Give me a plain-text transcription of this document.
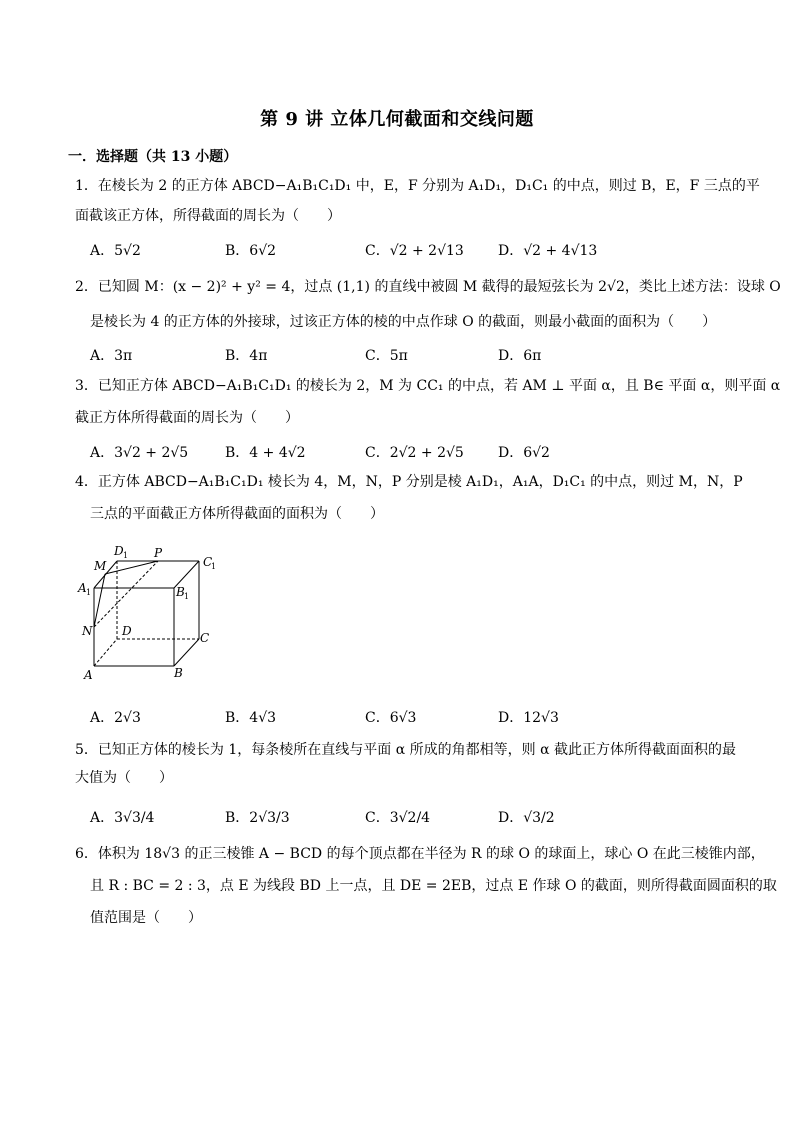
第 9 讲 立体几何截面和交线问题
一．选择题（共 13 小题）
1．在棱长为 2 的正方体 ABCD−A₁B₁C₁D₁ 中，E，F 分别为 A₁D₁，D₁C₁ 的中点，则过 B，E，F 三点的平
面截该正方体，所得截面的周长为（　　）
A．5√2	B．6√2	C．√2 + 2√13 D．√2 + 4√13
2．已知圆 M：(x − 2)² + y² = 4，过点 (1,1) 的直线中被圆 M 截得的最短弦长为 2√2，类比上述方法：设球 O
是棱长为 4 的正方体的外接球，过该正方体的棱的中点作球 O 的截面，则最小截面的面积为（　　）
A．3π	B．4π	C．5π	D．6π
3．已知正方体 ABCD−A₁B₁C₁D₁ 的棱长为 2，M 为 CC₁ 的中点，若 AM ⊥ 平面 α，且 B∈ 平面 α，则平面 α
截正方体所得截面的周长为（　　）
A．3√2 + 2√5	B．4 + 4√2	C．2√2 + 2√5 D．6√2
4．正方体 ABCD−A₁B₁C₁D₁ 棱长为 4，M，N，P 分别是棱 A₁D₁，A₁A，D₁C₁ 的中点，则过 M，N，P
三点的平面截正方体所得截面的面积为（　　）
M
D 1 P
C
1
A 1	B 1
N D	C
A	B
A．2√3	B．4√3	C．6√3	D．12√3
5．已知正方体的棱长为 1，每条棱所在直线与平面 α 所成的角都相等，则 α 截此正方体所得截面面积的最
大值为（　　）
A．3√3/4	B．2√3/3	C．3√2/4	D．√3/2
6．体积为 18√3 的正三棱锥 A − BCD 的每个顶点都在半径为 R 的球 O 的球面上，球心 O 在此三棱锥内部，
且 R : BC = 2 : 3，点 E 为线段 BD 上一点，且 DE = 2EB，过点 E 作球 O 的截面，则所得截面圆面积的取
值范围是（　　）
